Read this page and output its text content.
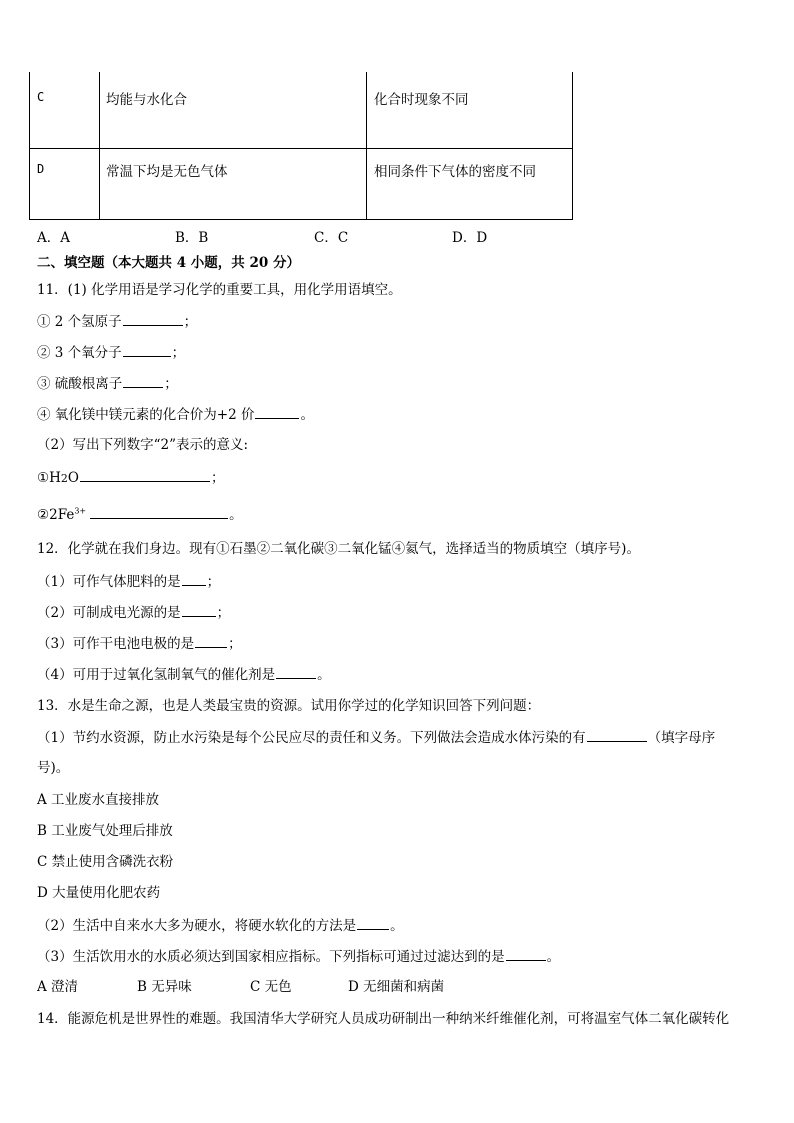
C	均能与水化合	化合时现象不同
D	常温下均是无色气体	相同条件下气体的密度不同
A．A	B．B	C．C	D．D
二、填空题（本大题共 4 小题，共 20 分）
11．(1) 化学用语是学习化学的重要工具，用化学用语填空。
① 2 个氢原子	；
② 3 个氧分子	；
③ 硫酸根离子	；
④ 氧化镁中镁元素的化合价为+2 价	。
（2）写出下列数字“2”表示的意义:
①H2O	；
$②2Fe^{3+}$	。
12．化学就在我们身边。现有①石墨②二氧化碳③二氧化锰④氦气，选择适当的物质填空（填序号)。
（1）可作气体肥料的是 ；
（2）可制成电光源的是	；
（3）可作干电池电极的是	；
（4）可用于过氧化氢制氧气的催化剂是	。
13．水是生命之源，也是人类最宝贵的资源。试用你学过的化学知识回答下列问题：
（1）节约水资源，防止水污染是每个公民应尽的责任和义务。下列做法会造成水体污染的有	（填字母序
号)。
A 工业废水直接排放
B 工业废气处理后排放
C 禁止使用含磷洗衣粉
D 大量使用化肥农药
（2）生活中自来水大多为硬水，将硬水软化的方法是	。
（3）生活饮用水的水质必须达到国家相应指标。下列指标可通过过滤达到的是	。
A 澄清	B 无异味	C 无色	D 无细菌和病菌
14．能源危机是世界性的难题。我国清华大学研究人员成功研制出一种纳米纤维催化剂，可将温室气体二氧化碳转化
